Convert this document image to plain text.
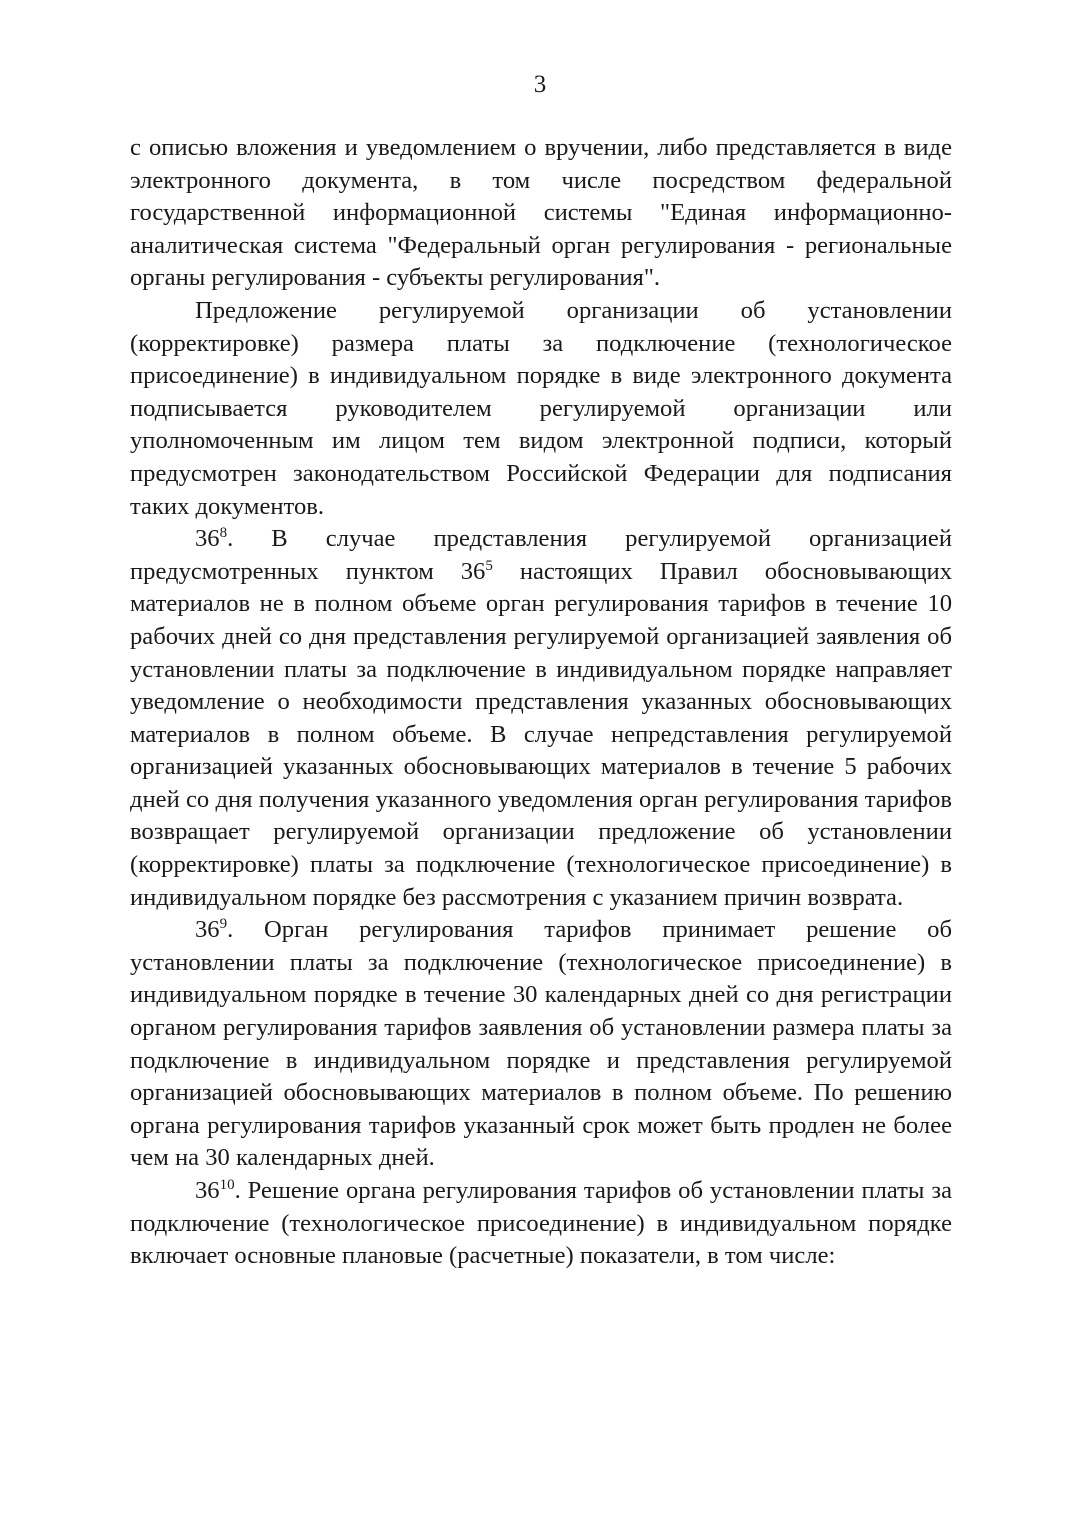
3

с описью вложения и уведомлением о вручении, либо представляется в виде электронного документа, в том числе посредством федеральной государственной информационной системы "Единая информационно-аналитическая система "Федеральный орган регулирования - региональные органы регулирования - субъекты регулирования".

Предложение регулируемой организации об установлении (корректировке) размера платы за подключение (технологическое присоединение) в индивидуальном порядке в виде электронного документа подписывается руководителем регулируемой организации или уполномоченным им лицом тем видом электронной подписи, который предусмотрен законодательством Российской Федерации для подписания таких документов.

$36^8$. В случае представления регулируемой организацией предусмотренных пунктом $36^5$ настоящих Правил обосновывающих материалов не в полном объеме орган регулирования тарифов в течение 10 рабочих дней со дня представления регулируемой организацией заявления об установлении платы за подключение в индивидуальном порядке направляет уведомление о необходимости представления указанных обосновывающих материалов в полном объеме. В случае непредставления регулируемой организацией указанных обосновывающих материалов в течение 5 рабочих дней со дня получения указанного уведомления орган регулирования тарифов возвращает регулируемой организации предложение об установлении (корректировке) платы за подключение (технологическое присоединение) в индивидуальном порядке без рассмотрения с указанием причин возврата.

$36^9$. Орган регулирования тарифов принимает решение об установлении платы за подключение (технологическое присоединение) в индивидуальном порядке в течение 30 календарных дней со дня регистрации органом регулирования тарифов заявления об установлении размера платы за подключение в индивидуальном порядке и представления регулируемой организацией обосновывающих материалов в полном объеме. По решению органа регулирования тарифов указанный срок может быть продлен не более чем на 30 календарных дней.

$36^{10}$. Решение органа регулирования тарифов об установлении платы за подключение (технологическое присоединение) в индивидуальном порядке включает основные плановые (расчетные) показатели, в том числе:
